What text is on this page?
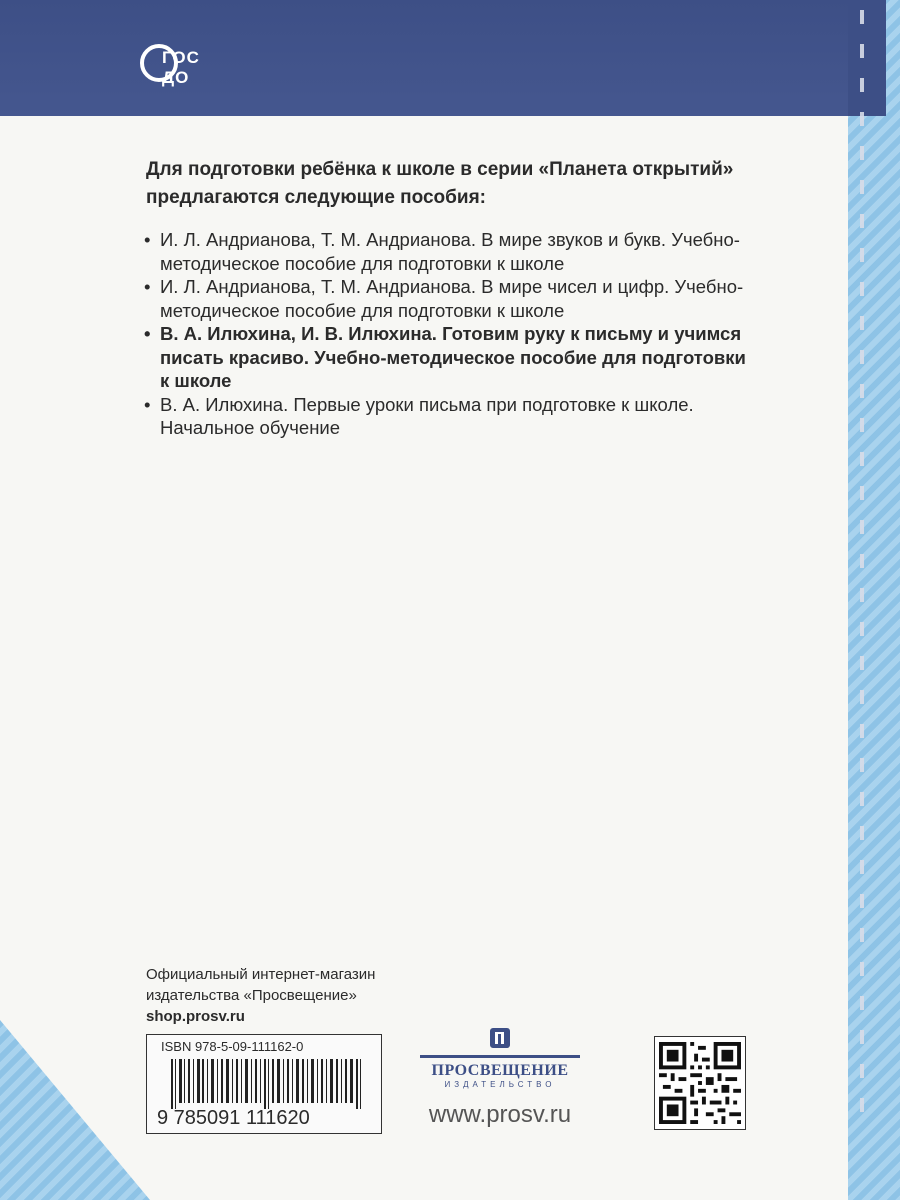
ГОС
ДО

Для подготовки ребёнка к школе в серии «Планета открытий» предлагаются следующие пособия:

• И. Л. Андрианова, Т. М. Андрианова. В мире звуков и букв. Учебно-методическое пособие для подготовки к школе
• И. Л. Андрианова, Т. М. Андрианова. В мире чисел и цифр. Учебно-методическое пособие для подготовки к школе
• В. А. Илюхина, И. В. Илюхина. Готовим руку к письму и учимся писать красиво. Учебно-методическое пособие для подготовки к школе
• В. А. Илюхина. Первые уроки письма при подготовке к школе. Начальное обучение
Официальный интернет-магазин
издательства «Просвещение»
shop.prosv.ru
ISBN 978-5-09-111162-0
9 785091 111620
ПРОСВЕЩЕНИЕ
ИЗДАТЕЛЬСТВО
www.prosv.ru
